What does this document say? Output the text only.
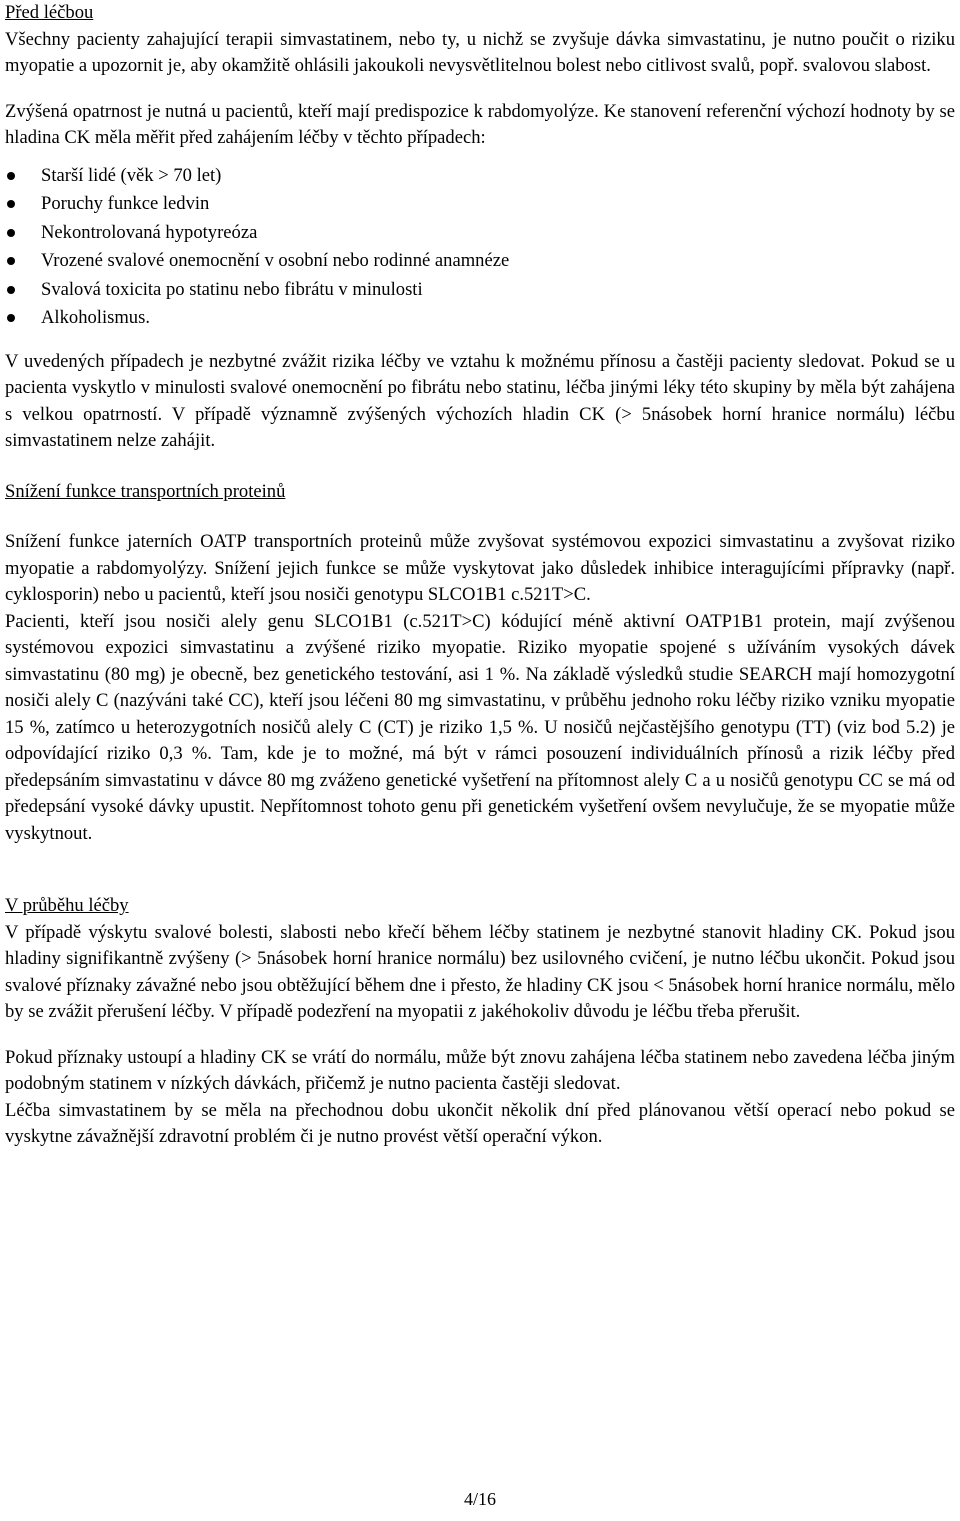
Před léčbou

Všechny pacienty zahajující terapii simvastatinem, nebo ty, u nichž se zvyšuje dávka simvastatinu, je nutno poučit o riziku myopatie a upozornit je, aby okamžitě ohlásili jakoukoli nevysvětlitelnou bolest nebo citlivost svalů, popř. svalovou slabost.

Zvýšená opatrnost je nutná u pacientů, kteří mají predispozice k rabdomyolýze. Ke stanovení referenční výchozí hodnoty by se hladina CK měla měřit před zahájením léčby v těchto případech:

Starší lidé (věk > 70 let)
Poruchy funkce ledvin
Nekontrolovaná hypotyreóza
Vrozené svalové onemocnění v osobní nebo rodinné anamnéze
Svalová toxicita po statinu nebo fibrátu v minulosti
Alkoholismus.

V uvedených případech je nezbytné zvážit rizika léčby ve vztahu k možnému přínosu a častěji pacienty sledovat. Pokud se u pacienta vyskytlo v minulosti svalové onemocnění po fibrátu nebo statinu, léčba jinými léky této skupiny by měla být zahájena s velkou opatrností. V případě významně zvýšených výchozích hladin CK (> 5násobek horní hranice normálu) léčbu simvastatinem nelze zahájit.

Snížení funkce transportních proteinů

Snížení funkce jaterních OATP transportních proteinů může zvyšovat systémovou expozici simvastatinu a zvyšovat riziko myopatie a rabdomyolýzy. Snížení jejich funkce se může vyskytovat jako důsledek inhibice interagujícími přípravky (např. cyklosporin) nebo u pacientů, kteří jsou nosiči genotypu SLCO1B1 c.521T>C.

Pacienti, kteří jsou nosiči alely genu SLCO1B1 (c.521T>C) kódující méně aktivní OATP1B1 protein, mají zvýšenou systémovou expozici simvastatinu a zvýšené riziko myopatie. Riziko myopatie spojené s užíváním vysokých dávek simvastatinu (80 mg) je obecně, bez genetického testování, asi 1 %. Na základě výsledků studie SEARCH mají homozygotní nosiči alely C (nazýváni také CC), kteří jsou léčeni 80 mg simvastatinu, v průběhu jednoho roku léčby riziko vzniku myopatie 15 %, zatímco u heterozygotních nosičů alely C (CT) je riziko 1,5 %. U nosičů nejčastějšího genotypu (TT) (viz bod 5.2) je odpovídající riziko 0,3 %. Tam, kde je to možné, má být v rámci posouzení individuálních přínosů a rizik léčby před předepsáním simvastatinu v dávce 80 mg zváženo genetické vyšetření na přítomnost alely C a u nosičů genotypu CC se má od předepsání vysoké dávky upustit. Nepřítomnost tohoto genu při genetickém vyšetření ovšem nevylučuje, že se myopatie může vyskytnout.

V průběhu léčby

V případě výskytu svalové bolesti, slabosti nebo křečí během léčby statinem je nezbytné stanovit hladiny CK. Pokud jsou hladiny signifikantně zvýšeny (> 5násobek horní hranice normálu) bez usilovného cvičení, je nutno léčbu ukončit. Pokud jsou svalové příznaky závažné nebo jsou obtěžující během dne i přesto, že hladiny CK jsou < 5násobek horní hranice normálu, mělo by se zvážit přerušení léčby. V případě podezření na myopatii z jakéhokoliv důvodu je léčbu třeba přerušit.

Pokud příznaky ustoupí a hladiny CK se vrátí do normálu, může být znovu zahájena léčba statinem nebo zavedena léčba jiným podobným statinem v nízkých dávkách, přičemž je nutno pacienta častěji sledovat.

Léčba simvastatinem by se měla na přechodnou dobu ukončit několik dní před plánovanou větší operací nebo pokud se vyskytne závažnější zdravotní problém či je nutno provést větší operační výkon.

4/16
